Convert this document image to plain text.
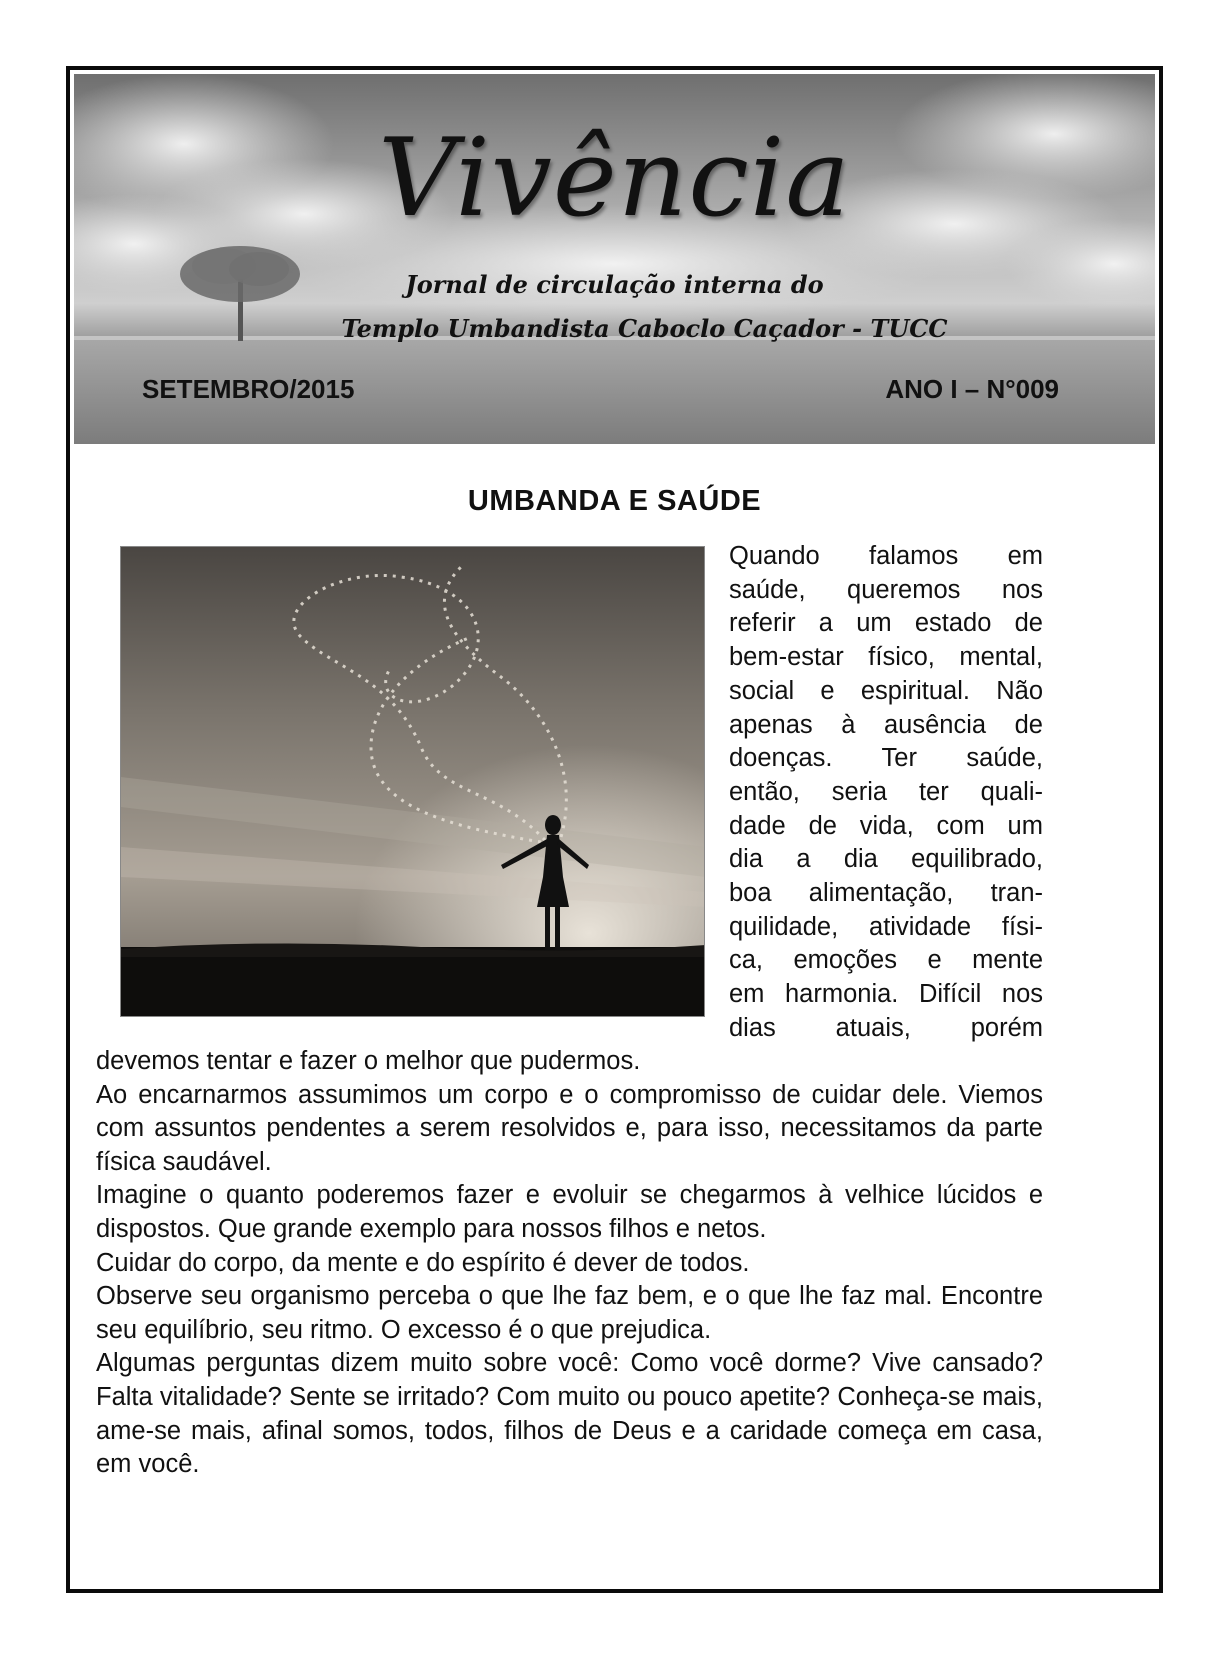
Vivência
Jornal de circulação interna do
Templo Umbandista Caboclo Caçador - TUCC
SETEMBRO/2015	ANO I – N°009
UMBANDA E SAÚDE
Quando falamos em
saúde, queremos nos
referir a um estado de
bem-estar físico, mental,
social e espiritual. Não
apenas à ausência de
doenças. Ter saúde,
então, seria ter quali-
dade de vida, com um
dia a dia equilibrado,
boa alimentação, tran-
quilidade, atividade físi-
ca, emoções e mente
em harmonia. Difícil nos
dias atuais, porém

devemos tentar e fazer o melhor que pudermos.

Ao encarnarmos assumimos um corpo e o compromisso de cuidar dele. Viemos com assuntos pendentes a serem resolvidos e, para isso, necessitamos da parte física saudável.

Imagine o quanto poderemos fazer e evoluir se chegarmos à velhice lúcidos e dispostos. Que grande exemplo para nossos filhos e netos.

Cuidar do corpo, da mente e do espírito é dever de todos.

Observe seu organismo perceba o que lhe faz bem, e o que lhe faz mal. Encontre seu equilíbrio, seu ritmo. O excesso é o que prejudica.

Algumas perguntas dizem muito sobre você: Como você dorme? Vive cansado? Falta vitalidade? Sente se irritado? Com muito ou pouco apetite? Conheça-se mais, ame-se mais, afinal somos, todos, filhos de Deus e a caridade começa em casa, em você.
